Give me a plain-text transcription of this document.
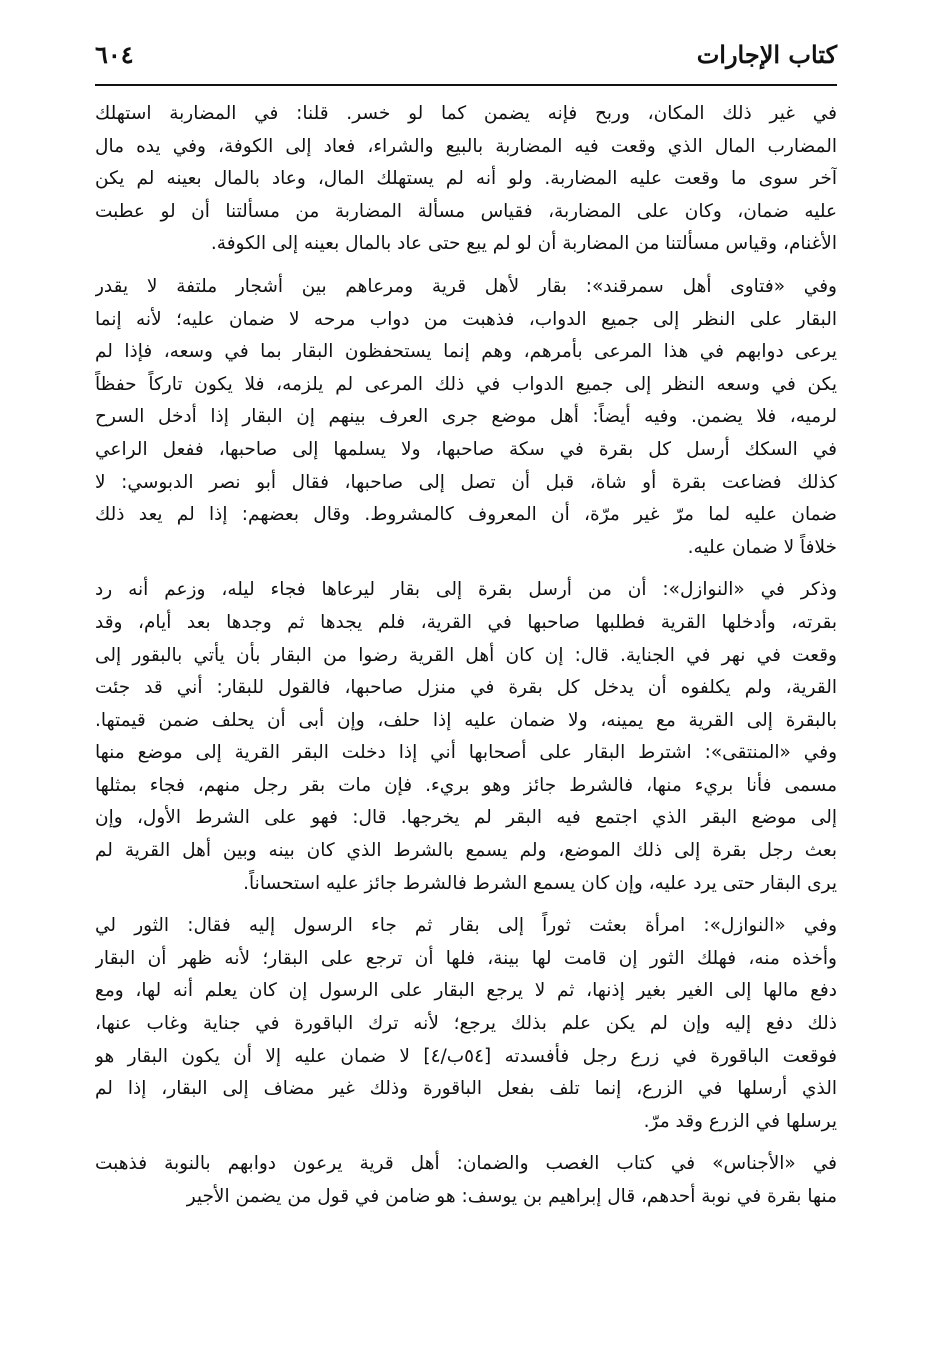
كتاب الإجارات
٦٠٤
في غير ذلك المكان، وربح فإنه يضمن كما لو خسر. قلنا: في المضاربة استهلك
المضارب المال الذي وقعت فيه المضاربة بالبيع والشراء، فعاد إلى الكوفة، وفي يده مال
آخر سوى ما وقعت عليه المضاربة. ولو أنه لم يستهلك المال، وعاد بالمال بعينه لم يكن
عليه ضمان، وكان على المضاربة، فقياس مسألة المضاربة من مسألتنا أن لو عطبت
الأغنام، وقياس مسألتنا من المضاربة أن لو لم يبع حتى عاد بالمال بعينه إلى الكوفة.
وفي «فتاوى أهل سمرقند»: بقار لأهل قرية ومرعاهم بين أشجار ملتفة لا يقدر
البقار على النظر إلى جميع الدواب، فذهبت من دواب مرحه لا ضمان عليه؛ لأنه إنما
يرعى دوابهم في هذا المرعى بأمرهم، وهم إنما يستحفظون البقار بما في وسعه، فإذا لم
يكن في وسعه النظر إلى جميع الدواب في ذلك المرعى لم يلزمه، فلا يكون تاركاً حفظاً
لرميه، فلا يضمن. وفيه أيضاً: أهل موضع جرى العرف بينهم إن البقار إذا أدخل السرح
في السكك أرسل كل بقرة في سكة صاحبها، ولا يسلمها إلى صاحبها، ففعل الراعي
كذلك فضاعت بقرة أو شاة، قبل أن تصل إلى صاحبها، فقال أبو نصر الدبوسي: لا
ضمان عليه لما مرّ غير مرّة، أن المعروف كالمشروط. وقال بعضهم: إذا لم يعد ذلك
خلافاً لا ضمان عليه.
وذكر في «النوازل»: أن من أرسل بقرة إلى بقار ليرعاها فجاء ليله، وزعم أنه رد
بقرته، وأدخلها القرية فطلبها صاحبها في القرية، فلم يجدها ثم وجدها بعد أيام، وقد
وقعت في نهر في الجناية. قال: إن كان أهل القرية رضوا من البقار بأن يأتي بالبقور إلى
القرية، ولم يكلفوه أن يدخل كل بقرة في منزل صاحبها، فالقول للبقار: أني قد جئت
بالبقرة إلى القرية مع يمينه، ولا ضمان عليه إذا حلف، وإن أبى أن يحلف ضمن قيمتها.
وفي «المنتقى»: اشترط البقار على أصحابها أني إذا دخلت البقر القرية إلى موضع منها
مسمى فأنا بريء منها، فالشرط جائز وهو بريء. فإن مات بقر رجل منهم، فجاء بمثلها
إلى موضع البقر الذي اجتمع فيه البقر لم يخرجها. قال: فهو على الشرط الأول، وإن
بعث رجل بقرة إلى ذلك الموضع، ولم يسمع بالشرط الذي كان بينه وبين أهل القرية لم
يرى البقار حتى يرد عليه، وإن كان يسمع الشرط فالشرط جائز عليه استحساناً.
وفي «النوازل»: امرأة بعثت ثوراً إلى بقار ثم جاء الرسول إليه فقال: الثور لي
وأخذه منه، فهلك الثور إن قامت لها بينة، فلها أن ترجع على البقار؛ لأنه ظهر أن البقار
دفع مالها إلى الغير بغير إذنها، ثم لا يرجع البقار على الرسول إن كان يعلم أنه لها، ومع
ذلك دفع إليه وإن لم يكن علم بذلك يرجع؛ لأنه ترك الباقورة في جناية وغاب عنها،
فوقعت الباقورة في زرع رجل فأفسدته [٥٤ب/٤] لا ضمان عليه إلا أن يكون البقار هو
الذي أرسلها في الزرع، إنما تلف بفعل الباقورة وذلك غير مضاف إلى البقار، إذا لم
يرسلها في الزرع وقد مرّ.
في «الأجناس» في كتاب الغصب والضمان: أهل قرية يرعون دوابهم بالنوبة فذهبت
منها بقرة في نوبة أحدهم، قال إبراهيم بن يوسف: هو ضامن في قول من يضمن الأجير
